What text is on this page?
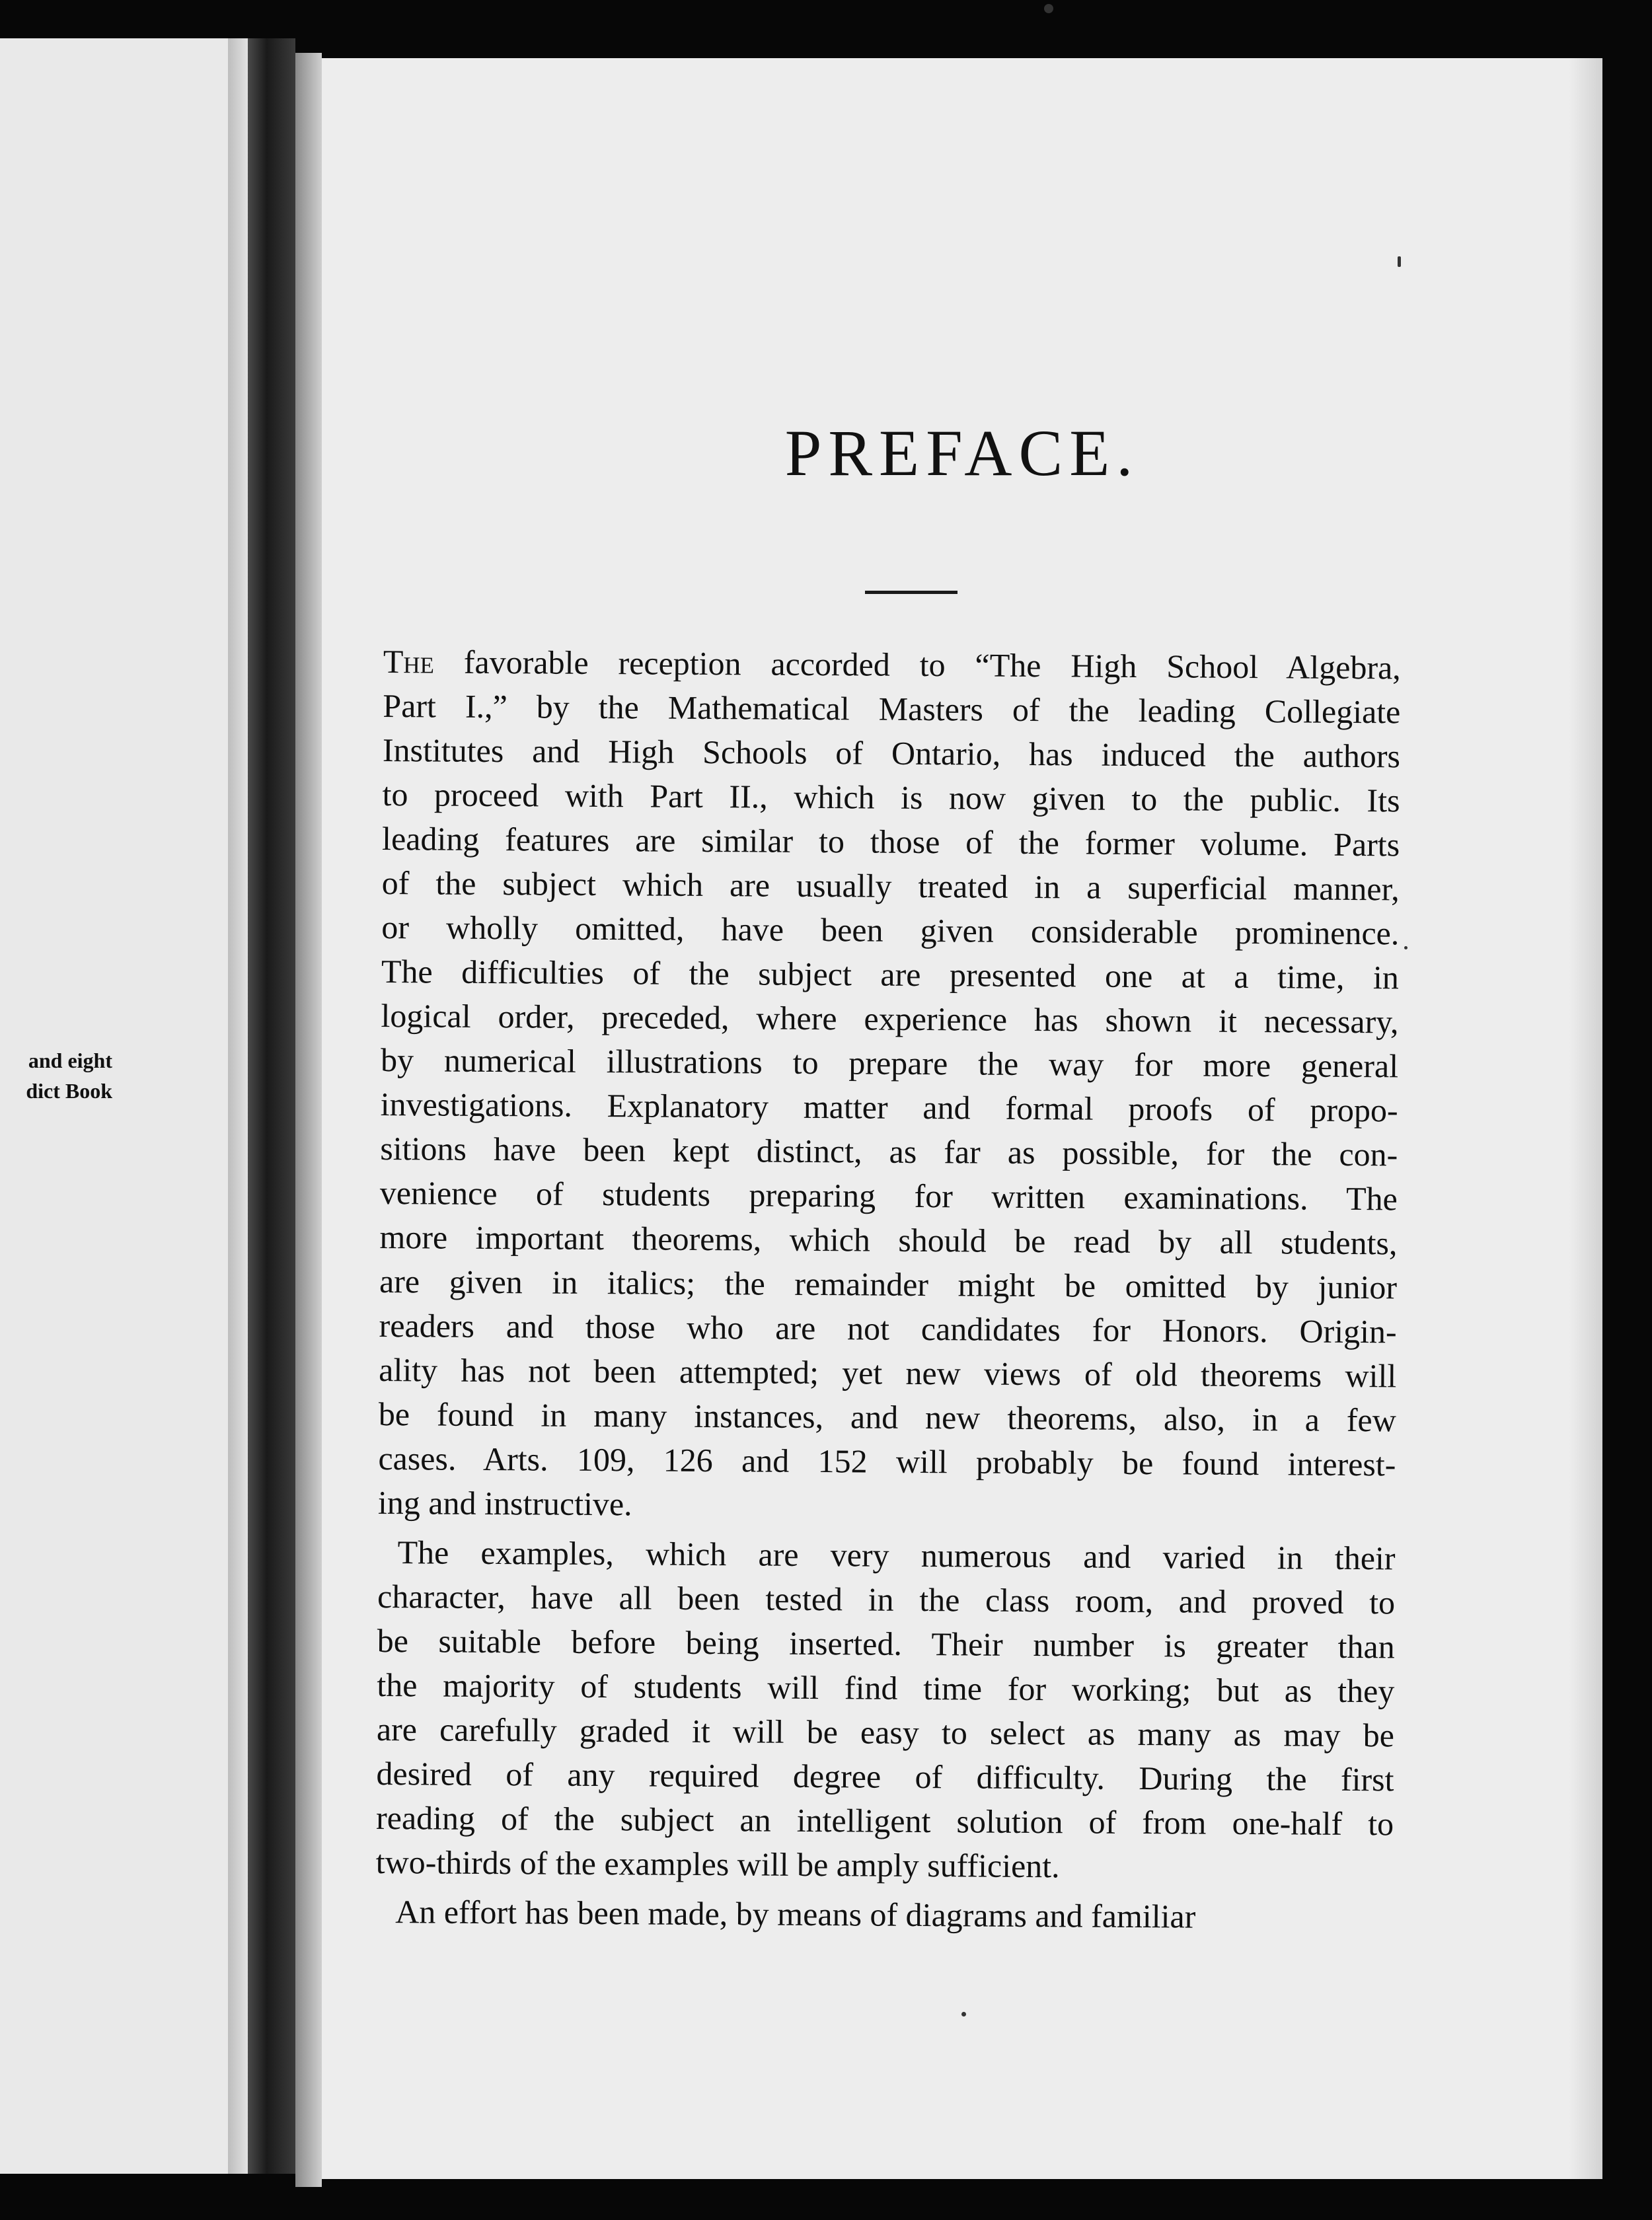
and eight
dict Book
PREFACE.
The favorable reception accorded to “The High School Algebra,
Part I.,” by the Mathematical Masters of the leading Collegiate
Institutes and High Schools of Ontario, has induced the authors
to proceed with Part II., which is now given to the public. Its
leading features are similar to those of the former volume. Parts
of the subject which are usually treated in a superficial manner,
or wholly omitted, have been given considerable prominence.
The difficulties of the subject are presented one at a time, in
logical order, preceded, where experience has shown it necessary,
by numerical illustrations to prepare the way for more general
investigations. Explanatory matter and formal proofs of propo-
sitions have been kept distinct, as far as possible, for the con-
venience of students preparing for written examinations. The
more important theorems, which should be read by all students,
are given in italics; the remainder might be omitted by junior
readers and those who are not candidates for Honors. Origin-
ality has not been attempted; yet new views of old theorems will
be found in many instances, and new theorems, also, in a few
cases. Arts. 109, 126 and 152 will probably be found interest-
ing and instructive.
The examples, which are very numerous and varied in their
character, have all been tested in the class room, and proved to
be suitable before being inserted. Their number is greater than
the majority of students will find time for working; but as they
are carefully graded it will be easy to select as many as may be
desired of any required degree of difficulty. During the first
reading of the subject an intelligent solution of from one-half to
two-thirds of the examples will be amply sufficient.
An effort has been made, by means of diagrams and familiar
